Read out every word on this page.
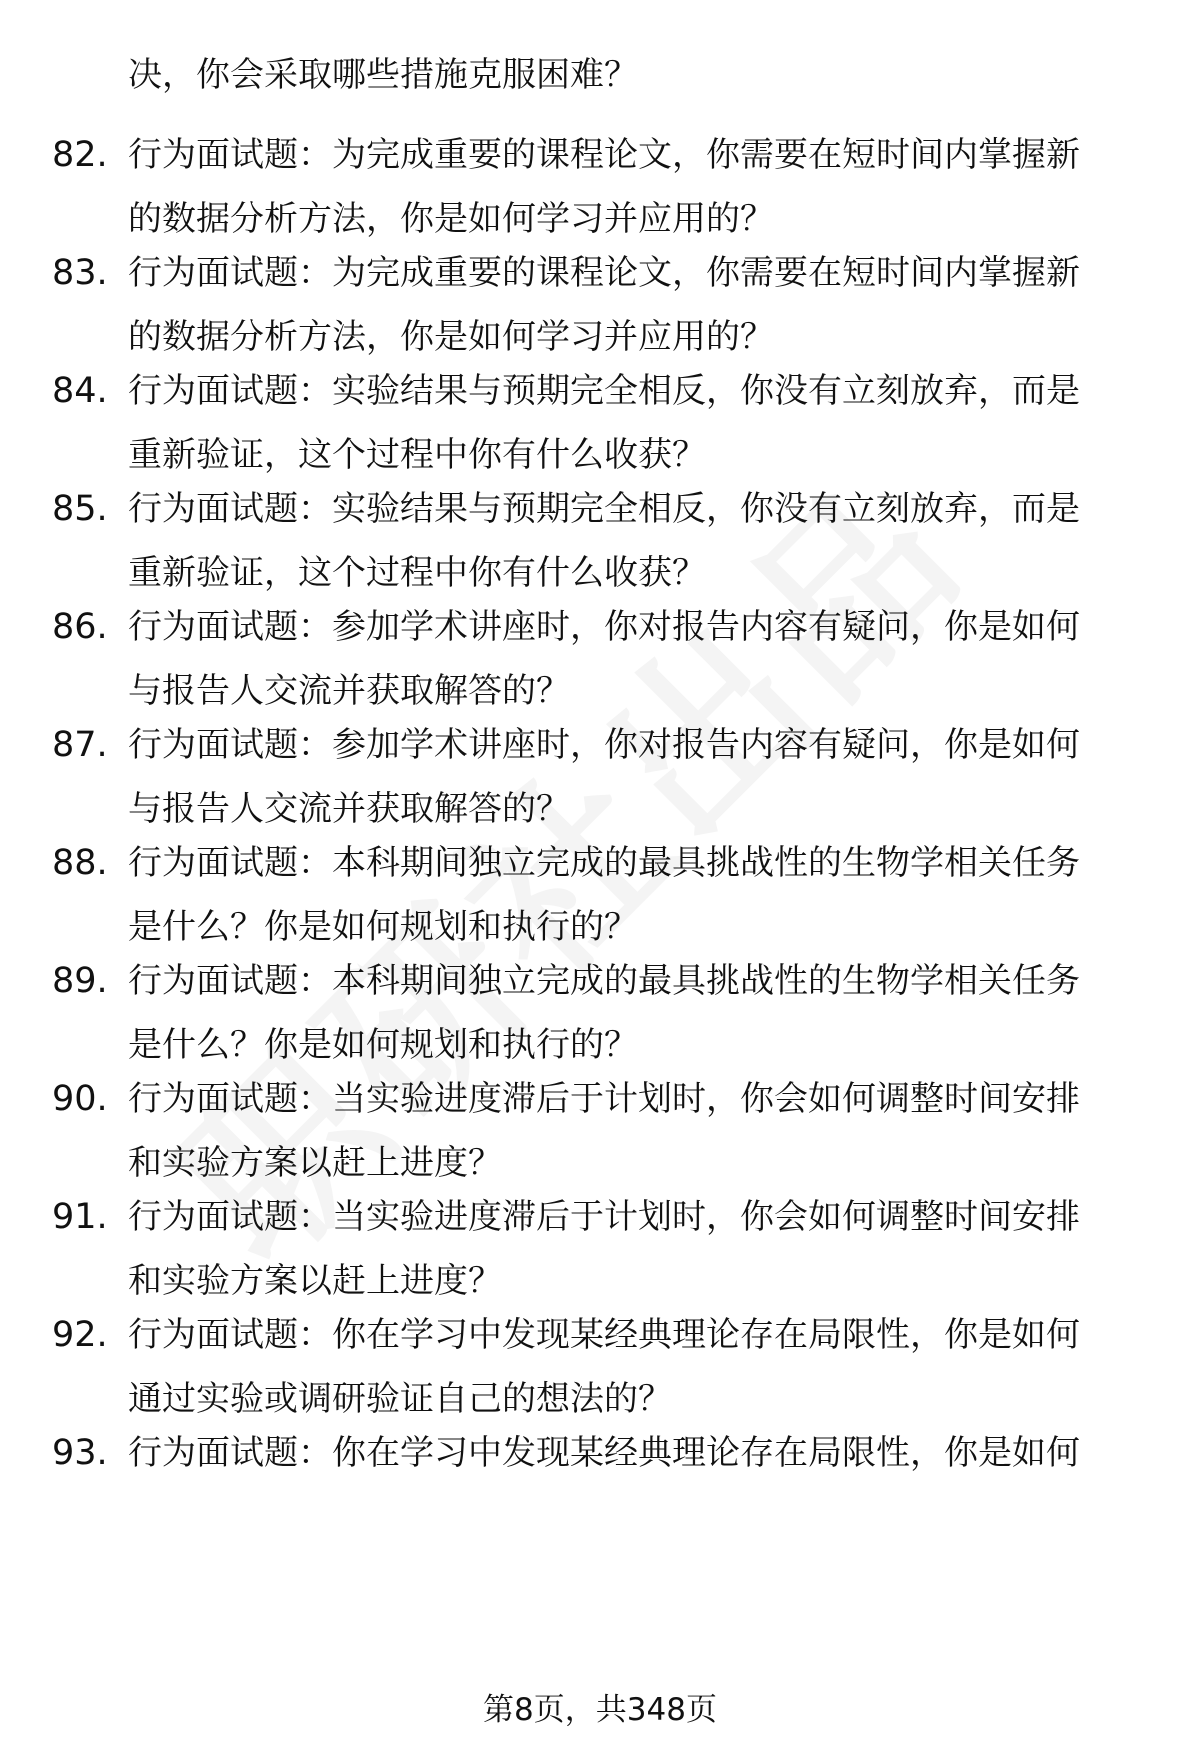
决，你会采取哪些措施克服困难？
82. 行为面试题：为完成重要的课程论文，你需要在短时间内掌握新
的数据分析方法，你是如何学习并应用的？
83. 行为面试题：为完成重要的课程论文，你需要在短时间内掌握新
的数据分析方法，你是如何学习并应用的？
84. 行为面试题：实验结果与预期完全相反，你没有立刻放弃，而是
重新验证，这个过程中你有什么收获？
85. 行为面试题：实验结果与预期完全相反，你没有立刻放弃，而是
重新验证，这个过程中你有什么收获？
86. 行为面试题：参加学术讲座时，你对报告内容有疑问，你是如何
与报告人交流并获取解答的？
87. 行为面试题：参加学术讲座时，你对报告内容有疑问，你是如何
与报告人交流并获取解答的？
88. 行为面试题：本科期间独立完成的最具挑战性的生物学相关任务
是什么？你是如何规划和执行的？
89. 行为面试题：本科期间独立完成的最具挑战性的生物学相关任务
是什么？你是如何规划和执行的？
90. 行为面试题：当实验进度滞后于计划时，你会如何调整时间安排
和实验方案以赶上进度？
91. 行为面试题：当实验进度滞后于计划时，你会如何调整时间安排
和实验方案以赶上进度？
92. 行为面试题：你在学习中发现某经典理论存在局限性，你是如何
通过实验或调研验证自己的想法的？
93. 行为面试题：你在学习中发现某经典理论存在局限性，你是如何
第8页，共348页
